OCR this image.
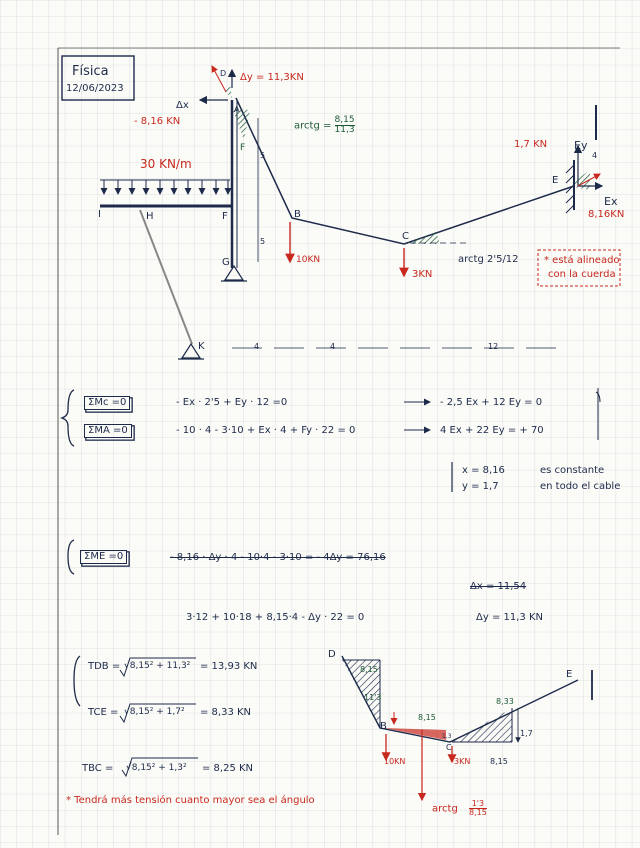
Física
12/06/2023
Δy = 11,3KN
A
D
Δx
- 8,16 KN	arctg = $\frac{8,15}{11,3}$
F
30 KN/m
I	H	F
G
K
B
C
E
5
5
10KN
3KN
arctg 2'5/12
1,7 KN Ey
4
Ex
8,16KN
* está alineado
con la cuerda
4	4	12
ΣMc =0	- Ex · 2'5 + Ey · 12 =0	- 2,5 Ex + 12 Ey = 0
ΣMA =0	- 10 · 4 - 3·10 + Ex · 4 + Fy · 22 = 0	4 Ex + 22 Ey = + 70
x = 8,16
y = 1,7
es constante
en todo el cable
ΣME =0	- 8,16 · Δy · 4 - 10·4 - 3·10 = - 4Δy = 76,16
Δx = 11,54
3·12 + 10·18 + 8,15·4 - Δy · 22 = 0	Δy = 11,3 KN
TDB = √8,15² + 11,3² = 13,93 KN
TCE = √8,15² + 1,7² = 8,33 KN
TBC = √8,15² + 1,3² = 8,25 KN
* Tendrá más tensión cuanto mayor sea el ángulo
D
B
C
E
8,15
11'3
8,15
1,3
8,33
1,7
8,15
10KN	3KN
arctg $\frac{1'3}{8,15}$
